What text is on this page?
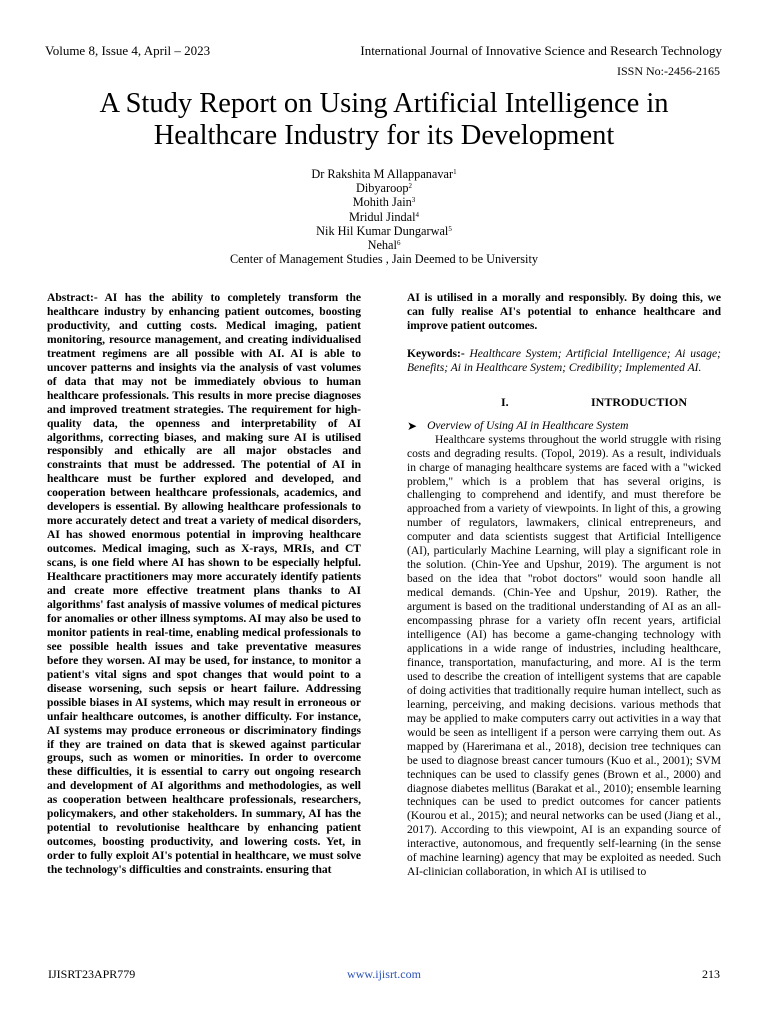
Volume 8, Issue 4, April – 2023	International Journal of Innovative Science and Research Technology
ISSN No:-2456-2165
A Study Report on Using Artificial Intelligence in
Healthcare Industry for its Development
Dr Rakshita M Allappanavar$^1$
Dibyaroop$^2$
Mohith Jain$^3$
Mridul Jindal$^4$
Nik Hil Kumar Dungarwal$^5$
Nehal$^6$
Center of Management Studies , Jain Deemed to be University
Abstract:- AI has the ability to completely transform the healthcare industry by enhancing patient outcomes, boosting productivity, and cutting costs. Medical imaging, patient monitoring, resource management, and creating individualised treatment regimens are all possible with AI. AI is able to uncover patterns and insights via the analysis of vast volumes of data that may not be immediately obvious to human healthcare professionals. This results in more precise diagnoses and improved treatment strategies. The requirement for high-quality data, the openness and interpretability of AI algorithms, correcting biases, and making sure AI is utilised responsibly and ethically are all major obstacles and constraints that must be addressed. The potential of AI in healthcare must be further explored and developed, and cooperation between healthcare professionals, academics, and developers is essential. By allowing healthcare professionals to more accurately detect and treat a variety of medical disorders, AI has showed enormous potential in improving healthcare outcomes. Medical imaging, such as X-rays, MRIs, and CT scans, is one field where AI has shown to be especially helpful. Healthcare practitioners may more accurately identify patients and create more effective treatment plans thanks to AI algorithms' fast analysis of massive volumes of medical pictures for anomalies or other illness symptoms. AI may also be used to monitor patients in real-time, enabling medical professionals to see possible health issues and take preventative measures before they worsen. AI may be used, for instance, to monitor a patient's vital signs and spot changes that would point to a disease worsening, such sepsis or heart failure. Addressing possible biases in AI systems, which may result in erroneous or unfair healthcare outcomes, is another difficulty. For instance, AI systems may produce erroneous or discriminatory findings if they are trained on data that is skewed against particular groups, such as women or minorities. In order to overcome these difficulties, it is essential to carry out ongoing research and development of AI algorithms and methodologies, as well as cooperation between healthcare professionals, researchers, policymakers, and other stakeholders. In summary, AI has the potential to revolutionise healthcare by enhancing patient outcomes, boosting productivity, and lowering costs. Yet, in order to fully exploit AI's potential in healthcare, we must solve the technology's difficulties and constraints. ensuring that

AI is utilised in a morally and responsibly. By doing this, we can fully realise AI's potential to enhance healthcare and improve patient outcomes.

Keywords:- Healthcare System; Artificial Intelligence; Ai usage; Benefits; Ai in Healthcare System; Credibility; Implemented AI.

I.	INTRODUCTION

➤ Overview of Using AI in Healthcare System

Healthcare systems throughout the world struggle with rising costs and degrading results. (Topol, 2019). As a result, individuals in charge of managing healthcare systems are faced with a "wicked problem," which is a problem that has several origins, is challenging to comprehend and identify, and must therefore be approached from a variety of viewpoints. In light of this, a growing number of regulators, lawmakers, clinical entrepreneurs, and computer and data scientists suggest that Artificial Intelligence (AI), particularly Machine Learning, will play a significant role in the solution. (Chin-Yee and Upshur, 2019). The argument is not based on the idea that "robot doctors" would soon handle all medical demands. (Chin-Yee and Upshur, 2019). Rather, the argument is based on the traditional understanding of AI as an all-encompassing phrase for a variety ofIn recent years, artificial intelligence (AI) has become a game-changing technology with applications in a wide range of industries, including healthcare, finance, transportation, manufacturing, and more. AI is the term used to describe the creation of intelligent systems that are capable of doing activities that traditionally require human intellect, such as learning, perceiving, and making decisions. various methods that may be applied to make computers carry out activities in a way that would be seen as intelligent if a person were carrying them out. As mapped by (Harerimana et al., 2018), decision tree techniques can be used to diagnose breast cancer tumours (Kuo et al., 2001); SVM techniques can be used to classify genes (Brown et al., 2000) and diagnose diabetes mellitus (Barakat et al., 2010); ensemble learning techniques can be used to predict outcomes for cancer patients (Kourou et al., 2015); and neural networks can be used (Jiang et al., 2017). According to this viewpoint, AI is an expanding source of interactive, autonomous, and frequently self-learning (in the sense of machine learning) agency that may be exploited as needed. Such AI-clinician collaboration, in which AI is utilised to

IJISRT23APR779	www.ijisrt.com	213
